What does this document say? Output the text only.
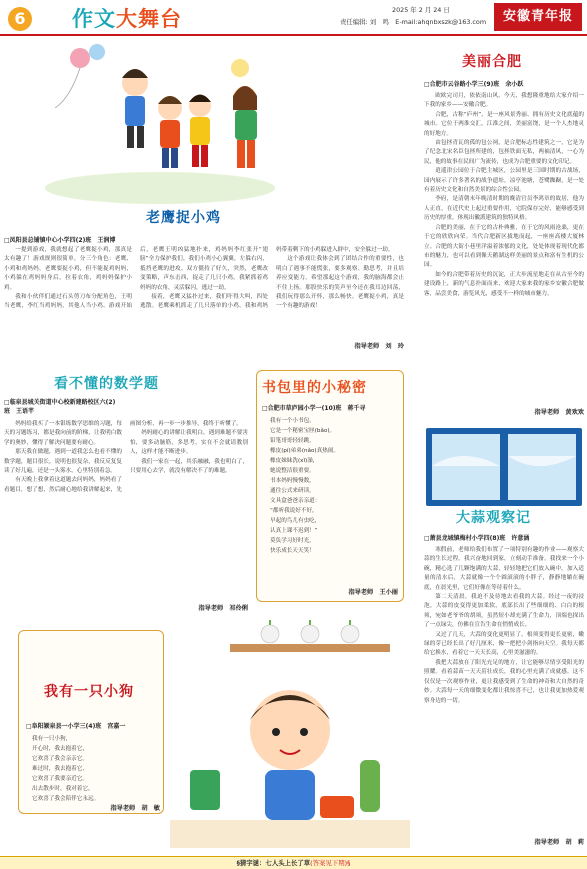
6	作文大舞台	2025 年 2 月 24 日
责任编辑: 刘　鸣　E-mail:ahqnbxszk@163.com	安徽青年报
老鹰捉小鸡
□凤阳县总铺镇中心小学四(2)班　王润博

一提到游戏，我就想起了老鹰捉小鸡，那真是太有趣了！游戏规则很简单，分三个角色：老鹰、小鸡和鸡妈妈。老鹰要捉小鸡，但不能捉鸡妈妈，小鸡躲在鸡妈妈身后，拉着衣角，鸡妈妈保护小鸡。

我和小伙伴们通过石头剪刀布分配角色，王明当老鹰，李红当鸡妈妈，其他人当小鸡。游戏开始后，老鹰王明凶猛地扑来，鸡妈妈李红张开“翅膀”全力保护我们。我们小鸡小心翼翼，左躲右闪，抵挡老鹰的进攻。双方僵持了好久，突然，老鹰改变策略，声东击西，捉走了几只小鸡。我紧抓着鸡妈妈的衣角，灵活躲闪，逃过一劫。

接着，老鹰又猛扑过来，我们吓得大叫，四处逃散。老鹰乘机抓走了几只落单的小鸡。我和鸡妈妈带着剩下的小鸡躲进入群中，安全躲过一劫。

这个游戏让我体会到了团结合作的重要性，也明白了遇事不能慌张，要多观察、勤思考，并且培养应变能力。希望那起这个游戏，我的脑海都会止不住上扬。那股快乐的笑声至今还在我耳边回荡，我们玩得那么开怀，那么畅快。老鹰捉小鸡，真是一个有趣的游戏！

指导老师　刘　玲
美丽合肥
□合肥市云谷路小学三(9)班　余小跃

欧欧完司月，依依南山风。今天，我想隆重地给大家介绍一下我的家乡——安徽合肥。

合肥，古称“庐州”，是一座风景秀丽、拥有历史文化底蕴的城市。它位于两淮交汇，江淮之间，美丽富饶，是一个人杰地灵的好地方。

由包拯青瓦的孤的包公祠，是合肥标志性建筑之一，它是为了纪念北宋名臣包拯所建的，包拯铁面无私，两袖清风，一心为民，他的故事在民间广为流传，也成为合肥重要的文化印记。

逍遥津公园位于合肥主城区，公园里是三国时期的古战场，园内展示了许多著名的战争遗址，凉亭池塘，苍鹭踟蹰，是一处有着历史文化和自然美景的综合性公园。

李府，是清朝末年晚清时期的晚清官员李鸿章的故居，他为人正直，在近代史上起过重要作用，宅院保存完好，能够感受到历史的厚重，体现出徽派建筑的独特风格。

合肥的美丽，在于它的古朴典雅，在于它的风雨沧桑，更在于它的欣欣向荣。当代合肥新区拔地而起，一座座高楼大厦林立。合肥的大街小巷里洋溢着浓郁的文化，处处体现着现代化都市的魅力，也可以看到像天鹅湖这样美丽的景点和富有生机的公园。

如今的合肥带着历史的沉淀，正大步流星地走在从古至今的建设路上，新的气息扑面而来，欢迎大家来我的家乡安徽合肥做客，品尝美食，游览风光，感受不一样的城市魅力。

指导老师　黄欢欢
看不懂的数学题
□临泉县城关街道中心校新建路校区六(2)班　王语芊

妈妈给我买了一本银练数学思维的习题，每天的习题练习，都是我向前的阶梯，让我明白数学的奥妙，懂得了解决问题要有耐心。

那天我在做题，遇到一道我怎么也看不懂的数学题，题目很长，说明也很复杂，我反反复复读了好几遍，还是一头雾水，心里特别着急。

有天晚上我拿着这道题去问妈妈，妈妈看了看题目，想了想，然后耐心地给我讲解起来，先画图分析，再一步一步推导，我终于听懂了。

妈妈耐心的讲解让我明白，遇到难题不要害怕，要多动脑筋，多思考，实在不会就请教别人，这样才能不断进步。

我们一家在一起，其乐融融，我也明白了，只要用心去学，就没有解决不了的难题。

指导老师　祁伶俐
书包里的小秘密
□合肥市草庐园小学一(10)班　蒋千寻
我有一个小书包，
它是一个秘密宝匣(bǎo)。
铅笔哥哥轻轻跳，
橡皮(pí)弟弟(nǎo)真热闹。
橡皮妹妹洗(xǐ)澡，
她说整洁很重要。
书本妈妈慢慢数，
通往公式来研读。
文具盒爸爸亲亲道：
“都听我说好不好，
早起的鸟儿有虫吃，
认真上课不迟到！”
莫负学习好时光，
快乐成长天天笑！
指导老师　王小丽
大蒜观察记
□萧县龙城镇梅村小学四(8)班　许意涵

寒假前，老师给我们布置了一项特别有趣的作业——观察大蒜的生长过程。我兴奋地回到家，立刻动手准备。我找来一个小碗，精心选了几颗饱满的大蒜，轻轻地把它们放入碗中。加入适量的清水后，大蒜就像一个个圆滚滚的小胖子，静静地躺在碗底，在晨光里，它们好像在等待着什么。

第二天清晨，我迫不及待地去看我的大蒜。经过一夜的浸泡，大蒜的皮变得更加柔软，底部长出了些细细的、白白的根须，宛如老爷爷的胡须，虽然短小却充满了生命力，顶端也探出了一点绿尖，仿佛在宣告生命在悄悄成长。

又过了几天，大蒜的变化更明显了。根须变得更长更密，嫩绿的芽已经长出了好几厘米，像一把把小剑指向天空。我每天都给它换水，看着它一天天长高，心里美滋滋的。

我把大蒜放在了阳光充足的地方，让它能够尽情享受阳光的照耀。看着蒜苗一天天茁壮成长，我的心里充满了成就感。这不仅仅是一次观察作业，更让我感受到了生命的神奇和大自然的奇妙。大蒜每一天的细微变化都让我惊喜不已，也让我更加热爱观察身边的一切。

指导老师　胡　莉
我有一只小狗
□阜阳颍泉县一小学三(4)班　宫嘉一
我有一只小狗，
开心时，我去抱着它，
它欢喜了我会亲亲它。
难过时，我去抱着它，
它欢喜了我要亲近它。
出去散步时，我对着它，
它欢喜了我会陪伴它永远。
指导老师　胡　敏
§猜字谜：七人头上长了草(答案见下期)§
